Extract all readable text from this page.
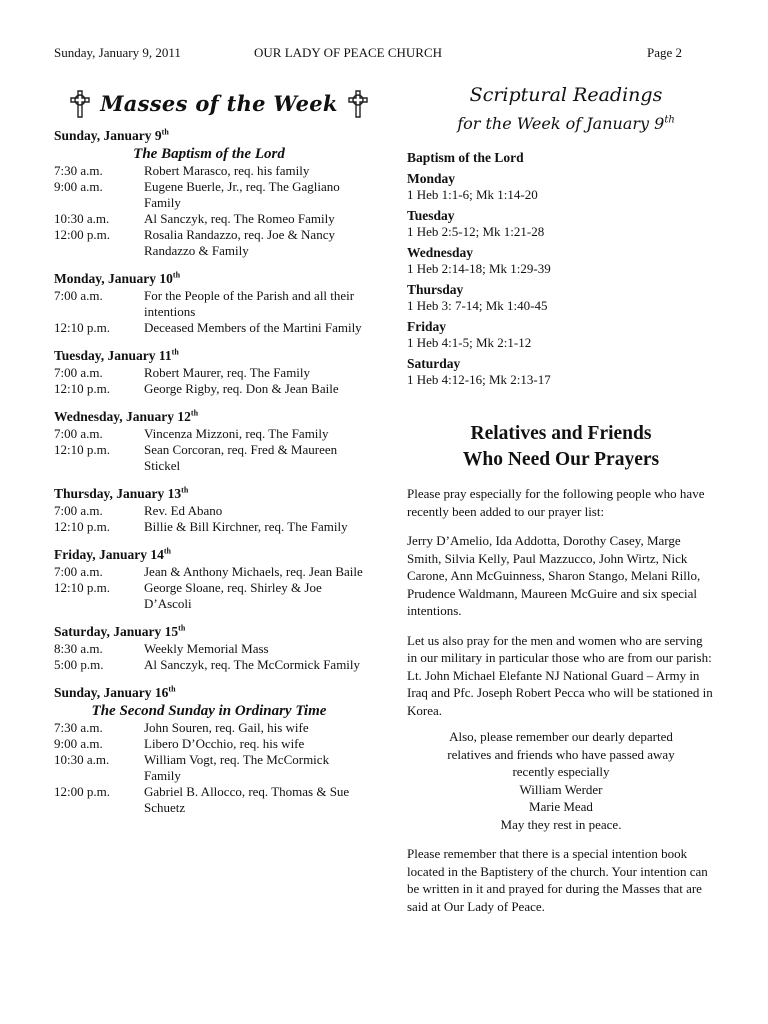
Sunday, January 9, 2011	OUR LADY OF PEACE CHURCH	Page 2
Masses of the Week
Sunday, January 9th
The Baptism of the Lord
7:30 a.m.	Robert Marasco, req. his family
9:00 a.m.	Eugene Buerle, Jr., req. The Gagliano Family
10:30 a.m.	Al Sanczyk, req. The Romeo Family
12:00 p.m.	Rosalia Randazzo, req. Joe & Nancy Randazzo & Family
Monday, January 10th
7:00 a.m.	For the People of the Parish and all their intentions
12:10 p.m.	Deceased Members of the Martini Family
Tuesday, January 11th
7:00 a.m.	Robert Maurer, req. The Family
12:10 p.m.	George Rigby, req. Don & Jean Baile
Wednesday, January 12th
7:00 a.m.	Vincenza Mizzoni, req. The Family
12:10 p.m.	Sean Corcoran, req. Fred & Maureen Stickel
Thursday, January 13th
7:00 a.m.	Rev. Ed Abano
12:10 p.m.	Billie & Bill Kirchner, req. The Family
Friday, January 14th
7:00 a.m.	Jean & Anthony Michaels, req. Jean Baile
12:10 p.m.	George Sloane, req. Shirley & Joe D’Ascoli
Saturday, January 15th
8:30 a.m.	Weekly Memorial Mass
5:00 p.m.	Al Sanczyk, req. The McCormick Family
Sunday, January 16th
The Second Sunday in Ordinary Time
7:30 a.m.	John Souren, req. Gail, his wife
9:00 a.m.	Libero D’Occhio, req. his wife
10:30 a.m.	William Vogt, req. The McCormick Family
12:00 p.m.	Gabriel B. Allocco, req. Thomas & Sue Schuetz
Scriptural Readings
for the Week of January 9th
Baptism of the Lord
Monday
1 Heb 1:1-6; Mk 1:14-20
Tuesday
1 Heb 2:5-12; Mk 1:21-28
Wednesday
1 Heb 2:14-18; Mk 1:29-39
Thursday
1 Heb 3: 7-14; Mk 1:40-45
Friday
1 Heb 4:1-5; Mk 2:1-12
Saturday
1 Heb 4:12-16; Mk 2:13-17
Relatives and Friends
Who Need Our Prayers
Please pray especially for the following people who have recently been added to our prayer list:
Jerry D’Amelio, Ida Addotta, Dorothy Casey, Marge Smith, Silvia Kelly, Paul Mazzucco, John Wirtz, Nick Carone, Ann McGuinness, Sharon Stango, Melani Rillo, Prudence Waldmann, Maureen McGuire and six special intentions.
Let us also pray for the men and women who are serving in our military in particular those who are from our parish: Lt. John Michael Elefante NJ National Guard – Army in Iraq and Pfc. Joseph Robert Pecca who will be stationed in Korea.
Also, please remember our dearly departed
relatives and friends who have passed away
recently especially
William Werder
Marie Mead
May they rest in peace.
Please remember that there is a special intention book located in the Baptistery of the church. Your intention can be written in it and prayed for during the Masses that are said at Our Lady of Peace.
